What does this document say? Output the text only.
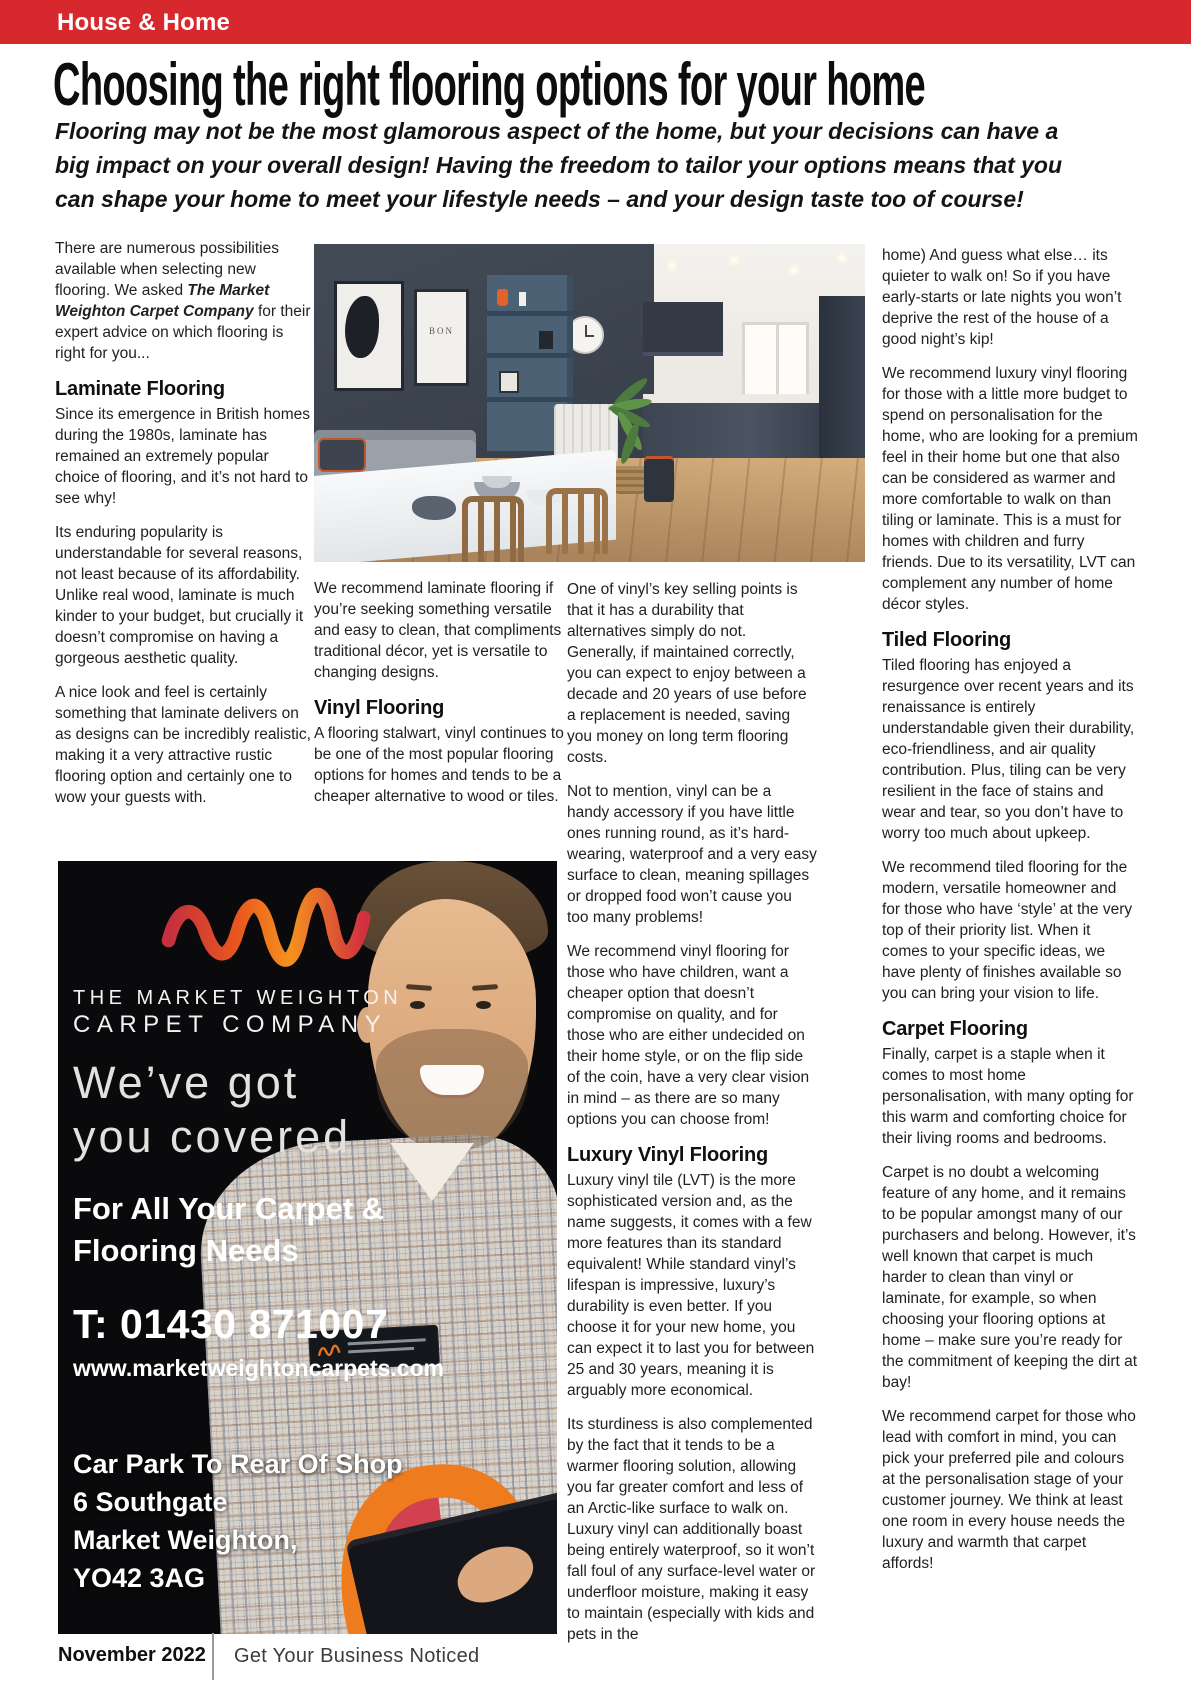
House & Home
Choosing the right flooring options for your home

Flooring may not be the most glamorous aspect of the home, but your decisions can have a big impact on your overall design! Having the freedom to tailor your options means that you can shape your home to meet your lifestyle needs – and your design taste too of course!

There are numerous possibilities available when selecting new flooring. We asked The Market Weighton Carpet Company for their expert advice on which flooring is right for you...

Laminate Flooring

Since its emergence in British homes during the 1980s, laminate has remained an extremely popular choice of flooring, and it’s not hard to see why!

Its enduring popularity is understandable for several reasons, not least because of its affordability. Unlike real wood, laminate is much kinder to your budget, but crucially it doesn’t compromise on having a gorgeous aesthetic quality.

A nice look and feel is certainly something that laminate delivers on as designs can be incredibly realistic, making it a very attractive rustic flooring option and certainly one to wow your guests with.

We recommend laminate flooring if you’re seeking something versatile and easy to clean, that compliments traditional décor, yet is versatile to changing designs.

Vinyl Flooring

A flooring stalwart, vinyl continues to be one of the most popular flooring options for homes and tends to be a cheaper alternative to wood or tiles.

One of vinyl’s key selling points is that it has a durability that alternatives simply do not. Generally, if maintained correctly, you can expect to enjoy between a decade and 20 years of use before a replacement is needed, saving you money on long term flooring costs.

Not to mention, vinyl can be a handy accessory if you have little ones running round, as it’s hard-wearing, waterproof and a very easy surface to clean, meaning spillages or dropped food won’t cause you too many problems!

We recommend vinyl flooring for those who have children, want a cheaper option that doesn’t compromise on quality, and for those who are either undecided on their home style, or on the flip side of the coin, have a very clear vision in mind – as there are so many options you can choose from!

Luxury Vinyl Flooring

Luxury vinyl tile (LVT) is the more sophisticated version and, as the name suggests, it comes with a few more features than its standard equivalent! While standard vinyl’s lifespan is impressive, luxury’s durability is even better. If you choose it for your new home, you can expect it to last you for between 25 and 30 years, meaning it is arguably more economical.

Its sturdiness is also complemented by the fact that it tends to be a warmer flooring solution, allowing you far greater comfort and less of an Arctic-like surface to walk on. Luxury vinyl can additionally boast being entirely waterproof, so it won’t fall foul of any surface-level water or underfloor moisture, making it easy to maintain (especially with kids and pets in the

home) And guess what else… its quieter to walk on! So if you have early-starts or late nights you won’t deprive the rest of the house of a good night’s kip!

We recommend luxury vinyl flooring for those with a little more budget to spend on personalisation for the home, who are looking for a premium feel in their home but one that also can be considered as warmer and more comfortable to walk on than tiling or laminate. This is a must for homes with children and furry friends. Due to its versatility, LVT can complement any number of home décor styles.

Tiled Flooring

Tiled flooring has enjoyed a resurgence over recent years and its renaissance is entirely understandable given their durability, eco-friendliness, and air quality contribution. Plus, tiling can be very resilient in the face of stains and wear and tear, so you don’t have to worry too much about upkeep.

We recommend tiled flooring for the modern, versatile homeowner and for those who have ‘style’ at the very top of their priority list. When it comes to your specific ideas, we have plenty of finishes available so you can bring your vision to life.

Carpet Flooring

Finally, carpet is a staple when it comes to most home personalisation, with many opting for this warm and comforting choice for their living rooms and bedrooms.

Carpet is no doubt a welcoming feature of any home, and it remains to be popular amongst many of our purchasers and belong. However, it’s well known that carpet is much harder to clean than vinyl or laminate, for example, so when choosing your flooring options at home – make sure you’re ready for the commitment of keeping the dirt at bay!

We recommend carpet for those who lead with comfort in mind, you can pick your preferred pile and colours at the personalisation stage of your customer journey. We think at least one room in every house needs the luxury and warmth that carpet affords!

BON
THE MARKET WEIGHTON
CARPET COMPANY
We’ve got
you covered
For All Your Carpet &
Flooring Needs
T: 01430 871007
www.marketweightoncarpets.com
Car Park To Rear Of Shop
6 Southgate
Market Weighton,
YO42 3AG
November 2022 Get Your Business Noticed
